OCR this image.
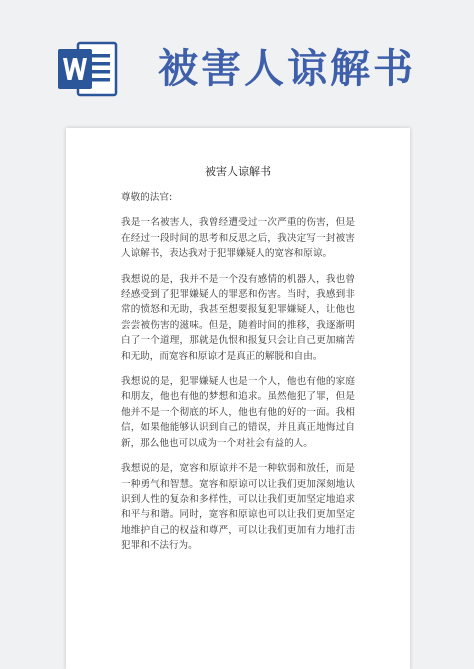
被害人谅解书
被害人谅解书
尊敬的法官:

我是一名被害人，我曾经遭受过一次严重的伤害，但是在经过一段时间的思考和反思之后，我决定写一封被害人谅解书，表达我对于犯罪嫌疑人的宽容和原谅。

我想说的是，我并不是一个没有感情的机器人，我也曾经感受到了犯罪嫌疑人的罪恶和伤害。当时，我感到非常的愤怒和无助，我甚至想要报复犯罪嫌疑人，让他也尝尝被伤害的滋味。但是，随着时间的推移，我逐渐明白了一个道理，那就是仇恨和报复只会让自己更加痛苦和无助，而宽容和原谅才是真正的解脱和自由。

我想说的是，犯罪嫌疑人也是一个人，他也有他的家庭和朋友，他也有他的梦想和追求。虽然他犯了罪，但是他并不是一个彻底的坏人，他也有他的好的一面。我相信，如果他能够认识到自己的错误，并且真正地悔过自新，那么他也可以成为一个对社会有益的人。

我想说的是，宽容和原谅并不是一种软弱和放任，而是一种勇气和智慧。宽容和原谅可以让我们更加深刻地认识到人性的复杂和多样性，可以让我们更加坚定地追求和平与和谐。同时，宽容和原谅也可以让我们更加坚定地维护自己的权益和尊严，可以让我们更加有力地打击犯罪和不法行为。
